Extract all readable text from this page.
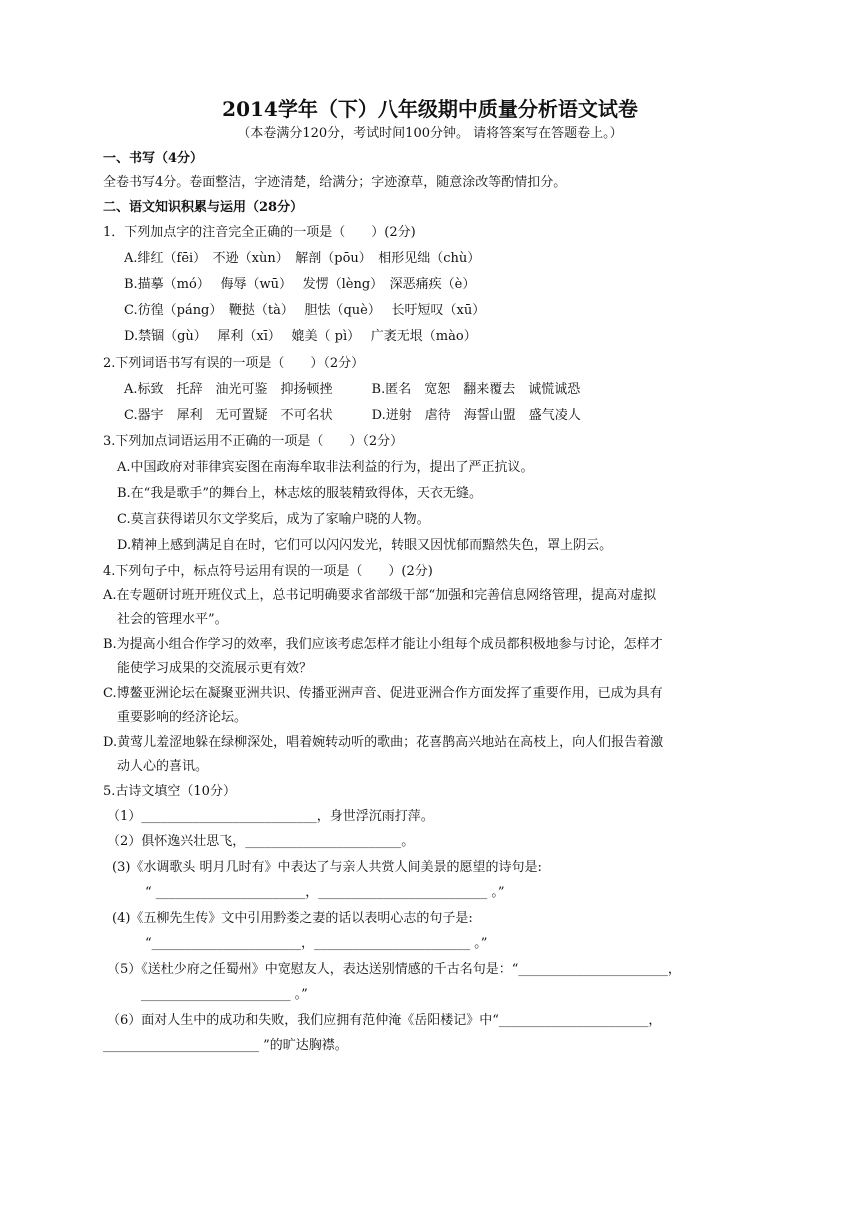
2014学年（下）八年级期中质量分析语文试卷
（本卷满分120分，考试时间100分钟。 请将答案写在答题卷上。）
一、书写（4分）
全卷书写4分。卷面整洁，字迹清楚，给满分；字迹潦草，随意涂改等酌情扣分。
二、语文知识积累与运用（28分）
1．下列加点字的注音完全正确的一项是（　　）(2分)
A.绯红（fēi）　不逊（xùn）　解剖（pōu）　相形见绌（chù）
B.描摹（mó）　 侮辱（wū）　 发愣（lèng）　深恶痛疾（è）
C.彷徨（páng）　鞭挞（tà）　 胆怯（què）　 长吁短叹（xū）
D.禁锢（gù）　 犀利（xī）　 媲美（ pì）　 广袤无垠（mào）
2.下列词语书写有误的一项是（　　）（2分）
A.标致　托辞　油光可鉴　抑扬顿挫　　　B.匿名　宽恕　翻来覆去　诚慌诚恐
C.器宇　犀利　无可置疑　不可名状　　　D.迸射　虐待　海誓山盟　盛气凌人
3.下列加点词语运用不正确的一项是（　　）（2分）
A.中国政府对菲律宾妄图在南海牟取非法利益的行为，提出了严正抗议。
B.在“我是歌手”的舞台上，林志炫的服装精致得体，天衣无缝。
C.莫言获得诺贝尔文学奖后，成为了家喻户晓的人物。
D.精神上感到满足自在时，它们可以闪闪发光，转眼又因忧郁而黯然失色，罩上阴云。
4.下列句子中，标点符号运用有误的一项是（　　）(2分)
A.在专题研讨班开班仪式上，总书记明确要求省部级干部“加强和完善信息网络管理，提高对虚拟
社会的管理水平”。
B.为提高小组合作学习的效率，我们应该考虑怎样才能让小组每个成员都积极地参与讨论，怎样才
能使学习成果的交流展示更有效？
C.博鳌亚洲论坛在凝聚亚洲共识、传播亚洲声音、促进亚洲合作方面发挥了重要作用，已成为具有
重要影响的经济论坛。
D.黄莺儿羞涩地躲在绿柳深处，唱着婉转动听的歌曲；花喜鹊高兴地站在高枝上，向人们报告着激
动人心的喜讯。
5.古诗文填空（10分）
（1）___________________________，身世浮沉雨打萍。
（2）俱怀逸兴壮思飞，________________________。
(3)《水调歌头 明月几时有》中表达了与亲人共赏人间美景的愿望的诗句是:
“ _______________________，__________________________ 。”
(4)《五柳先生传》文中引用黔娄之妻的话以表明心志的句子是:
“_______________________，________________________ 。”
（5）《送杜少府之任蜀州》中宽慰友人，表达送别情感的千古名句是：“_______________________，
_______________________ 。”
（6）面对人生中的成功和失败，我们应拥有范仲淹《岳阳楼记》中“_______________________，
________________________ ”的旷达胸襟。
